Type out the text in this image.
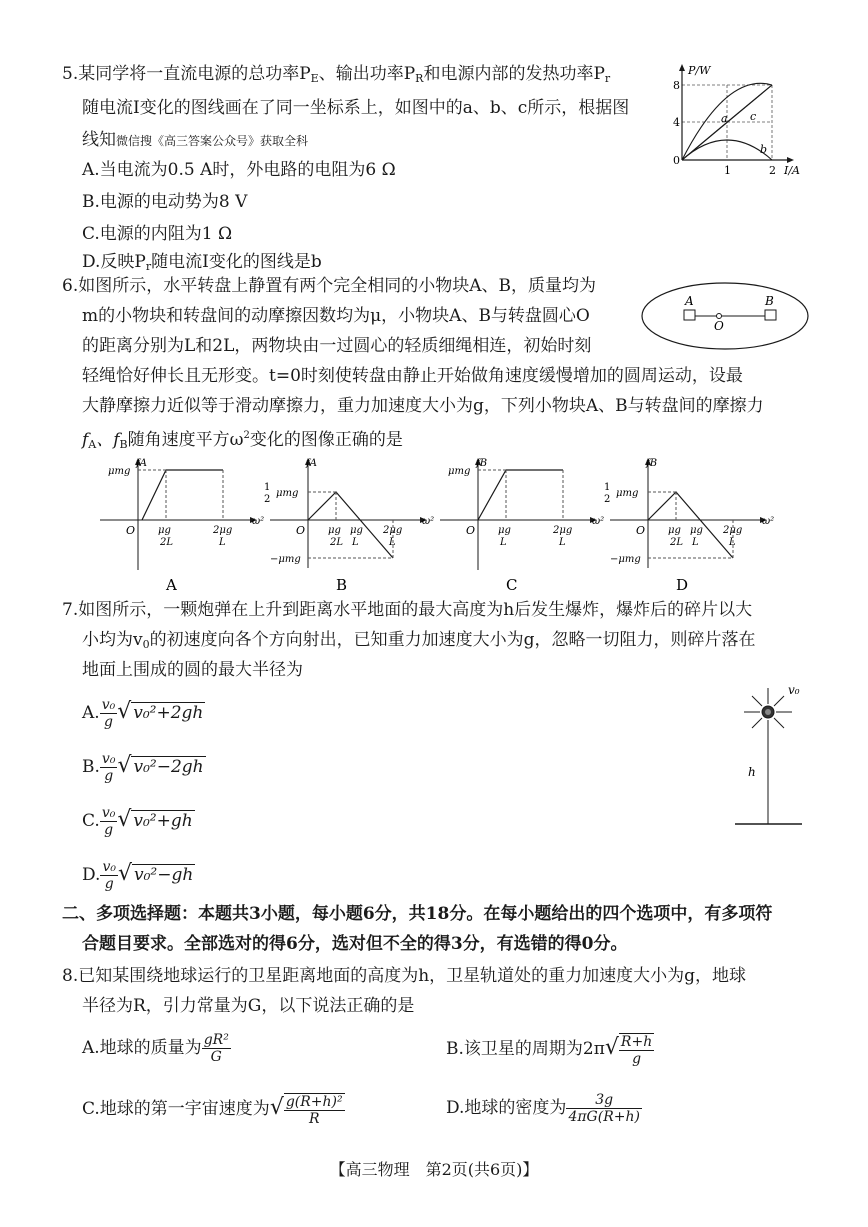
5.某同学将一直流电源的总功率$P_E$、输出功率$P_R$和电源内部的发热功率$P_r$
随电流I变化的图线画在了同一坐标系上，如图中的a、b、c所示，根据图
线知微信搜《高三答案公众号》获取全科
A.当电流为0.5 A时，外电路的电阻为6 Ω
B.电源的电动势为8 V
C.电源的内阻为1 Ω
D.反映$P_r$随电流I变化的图线是b
P/W
I/A
8
4
0
1	2
a c
b
6.如图所示，水平转盘上静置有两个完全相同的小物块A、B，质量均为
m的小物块和转盘间的动摩擦因数均为μ，小物块A、B与转盘圆心O
的距离分别为L和2L，两物块由一过圆心的轻质细绳相连，初始时刻
轻绳恰好伸长且无形变。t=0时刻使转盘由静止开始做角速度缓慢增加的圆周运动，设最
大静摩擦力近似等于滑动摩擦力，重力加速度大小为g，下列小物块A、B与转盘间的摩擦力
$f_A$、$f_B$随角速度平方$\omega^2$变化的图像正确的是
A	B
O
μmg
fA
ω²
O μg
2L
2μg
L
A
1
2
μmg
−μmg
μg
L
fA
ω²
O μg
2L
2μg
L
B
μmg
fB
ω²
O μg
L
2μg
L
C
1
2
μmg
−μmg
μg
L
fB
ω²
O μg
2L
2μg
L
D
7.如图所示，一颗炮弹在上升到距离水平地面的最大高度为h后发生爆炸，爆炸后的碎片以大
小均为$v_0$的初速度向各个方向射出，已知重力加速度大小为g，忽略一切阻力，则碎片落在
地面上围成的圆的最大半径为
A. $\frac{\text{v₀}}{g}$ √ v₀²+2gh
B. $\frac{\text{v₀}}{g}$ √ v₀²−2gh
C. $\frac{\text{v₀}}{g}$ √ v₀²+gh
D. $\frac{\text{v₀}}{g}$ √ v₀²−gh
v₀
h
二、多项选择题：本题共3小题，每小题6分，共18分。在每小题给出的四个选项中，有多项符
合题目要求。全部选对的得6分，选对但不全的得3分，有选错的得0分。
8.已知某围绕地球运行的卫星距离地面的高度为h，卫星轨道处的重力加速度大小为g，地球
半径为R，引力常量为G，以下说法正确的是
A.地球的质量为 $\frac{\text{gR²}}{G}$	B.该卫星的周期为$2\pi√ \frac{R+h}{g}$
C.地球的第一宇宙速度为√ $\frac{\text{g(R+h)²}}{R}$	D.地球的密度为 $\frac{3g}{4\pi G(R+h)}$
【高三物理　第2页(共6页)】
